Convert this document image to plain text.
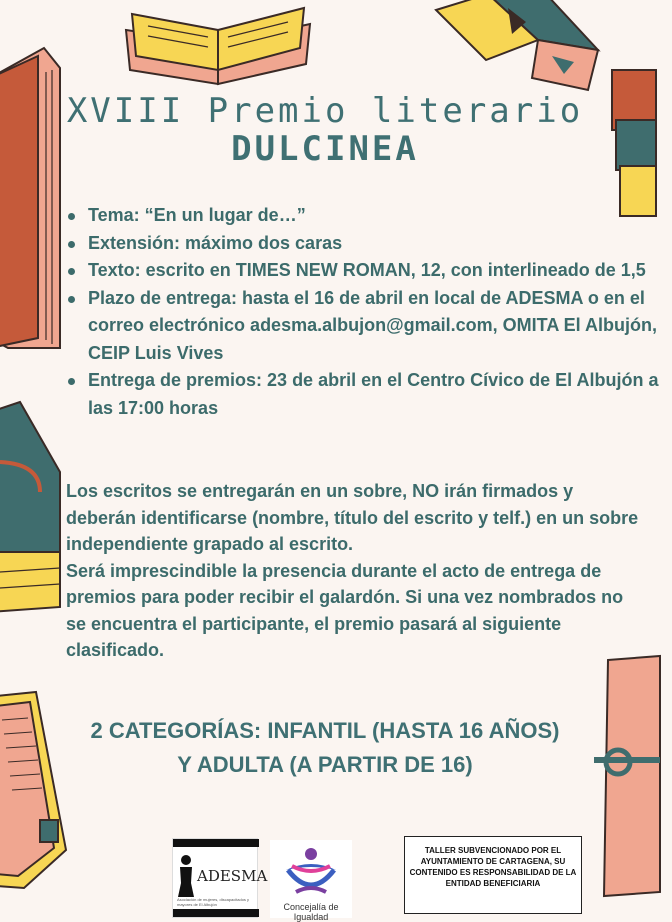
XVIII Premio literario
DULCINEA
Tema: “En un lugar de…”
Extensión: máximo dos caras
Texto: escrito en TIMES NEW ROMAN, 12, con interlineado de 1,5
Plazo de entrega: hasta el 16 de abril en local de ADESMA o en el correo electrónico adesma.albujon@gmail.com, OMITA El Albujón, CEIP Luis Vives
Entrega de premios: 23 de abril en el Centro Cívico de El Albujón a las 17:00 horas
Los escritos se entregarán en un sobre, NO irán firmados y deberán identificarse (nombre, título del escrito y telf.) en un sobre independiente grapado al escrito.
Será imprescindible la presencia durante el acto de entrega de premios para poder recibir el galardón. Si una vez nombrados no se encuentra el participante, el premio pasará al siguiente clasificado.
2 CATEGORÍAS: INFANTIL (HASTA 16 AÑOS)
Y ADULTA (A PARTIR DE 16)
ADESMA
Asociación de mujeres, discapacitados y mayores de El Albujón	Concejalía de Igualdad
TALLER SUBVENCIONADO POR EL AYUNTAMIENTO DE CARTAGENA, SU CONTENIDO ES RESPONSABILIDAD DE LA ENTIDAD BENEFICIARIA
